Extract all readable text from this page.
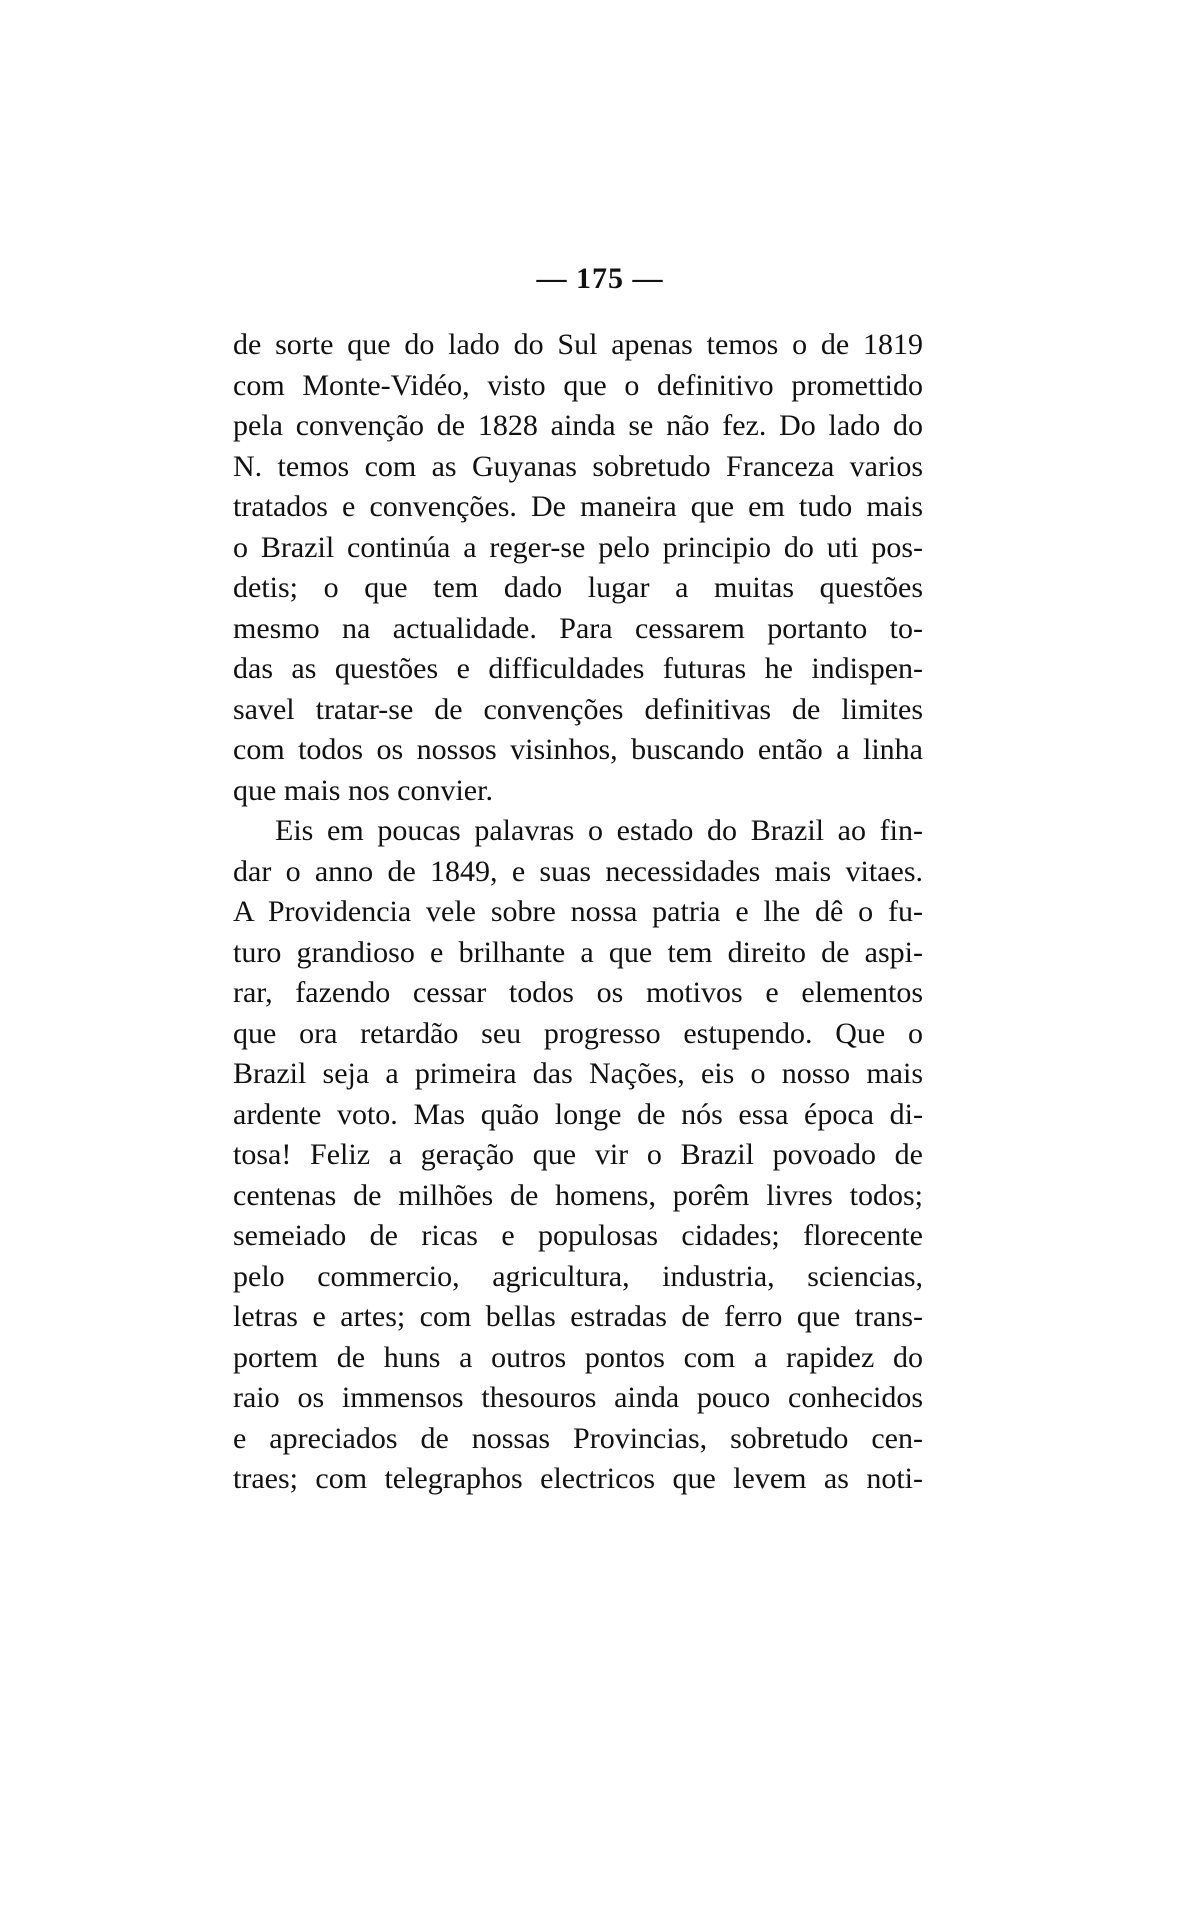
— 175 —

de sorte que do lado do Sul apenas temos o de 1819
com Monte-Vidéo, visto que o definitivo promettido
pela convenção de 1828 ainda se não fez. Do lado do
N. temos com as Guyanas sobretudo Franceza varios
tratados e convenções. De maneira que em tudo mais
o Brazil continúa a reger-se pelo principio do uti pos-
detis; o que tem dado lugar a muitas questões
mesmo na actualidade. Para cessarem portanto to-
das as questões e difficuldades futuras he indispen-
savel tratar-se de convenções definitivas de limites
com todos os nossos visinhos, buscando então a linha
que mais nos convier.
Eis em poucas palavras o estado do Brazil ao fin-
dar o anno de 1849, e suas necessidades mais vitaes.
A Providencia vele sobre nossa patria e lhe dê o fu-
turo grandioso e brilhante a que tem direito de aspi-
rar, fazendo cessar todos os motivos e elementos
que ora retardão seu progresso estupendo. Que o
Brazil seja a primeira das Nações, eis o nosso mais
ardente voto. Mas quão longe de nós essa época di-
tosa! Feliz a geração que vir o Brazil povoado de
centenas de milhões de homens, porêm livres todos;
semeiado de ricas e populosas cidades; florecente
pelo commercio, agricultura, industria, sciencias,
letras e artes; com bellas estradas de ferro que trans-
portem de huns a outros pontos com a rapidez do
raio os immensos thesouros ainda pouco conhecidos
e apreciados de nossas Provincias, sobretudo cen-
traes; com telegraphos electricos que levem as noti-
